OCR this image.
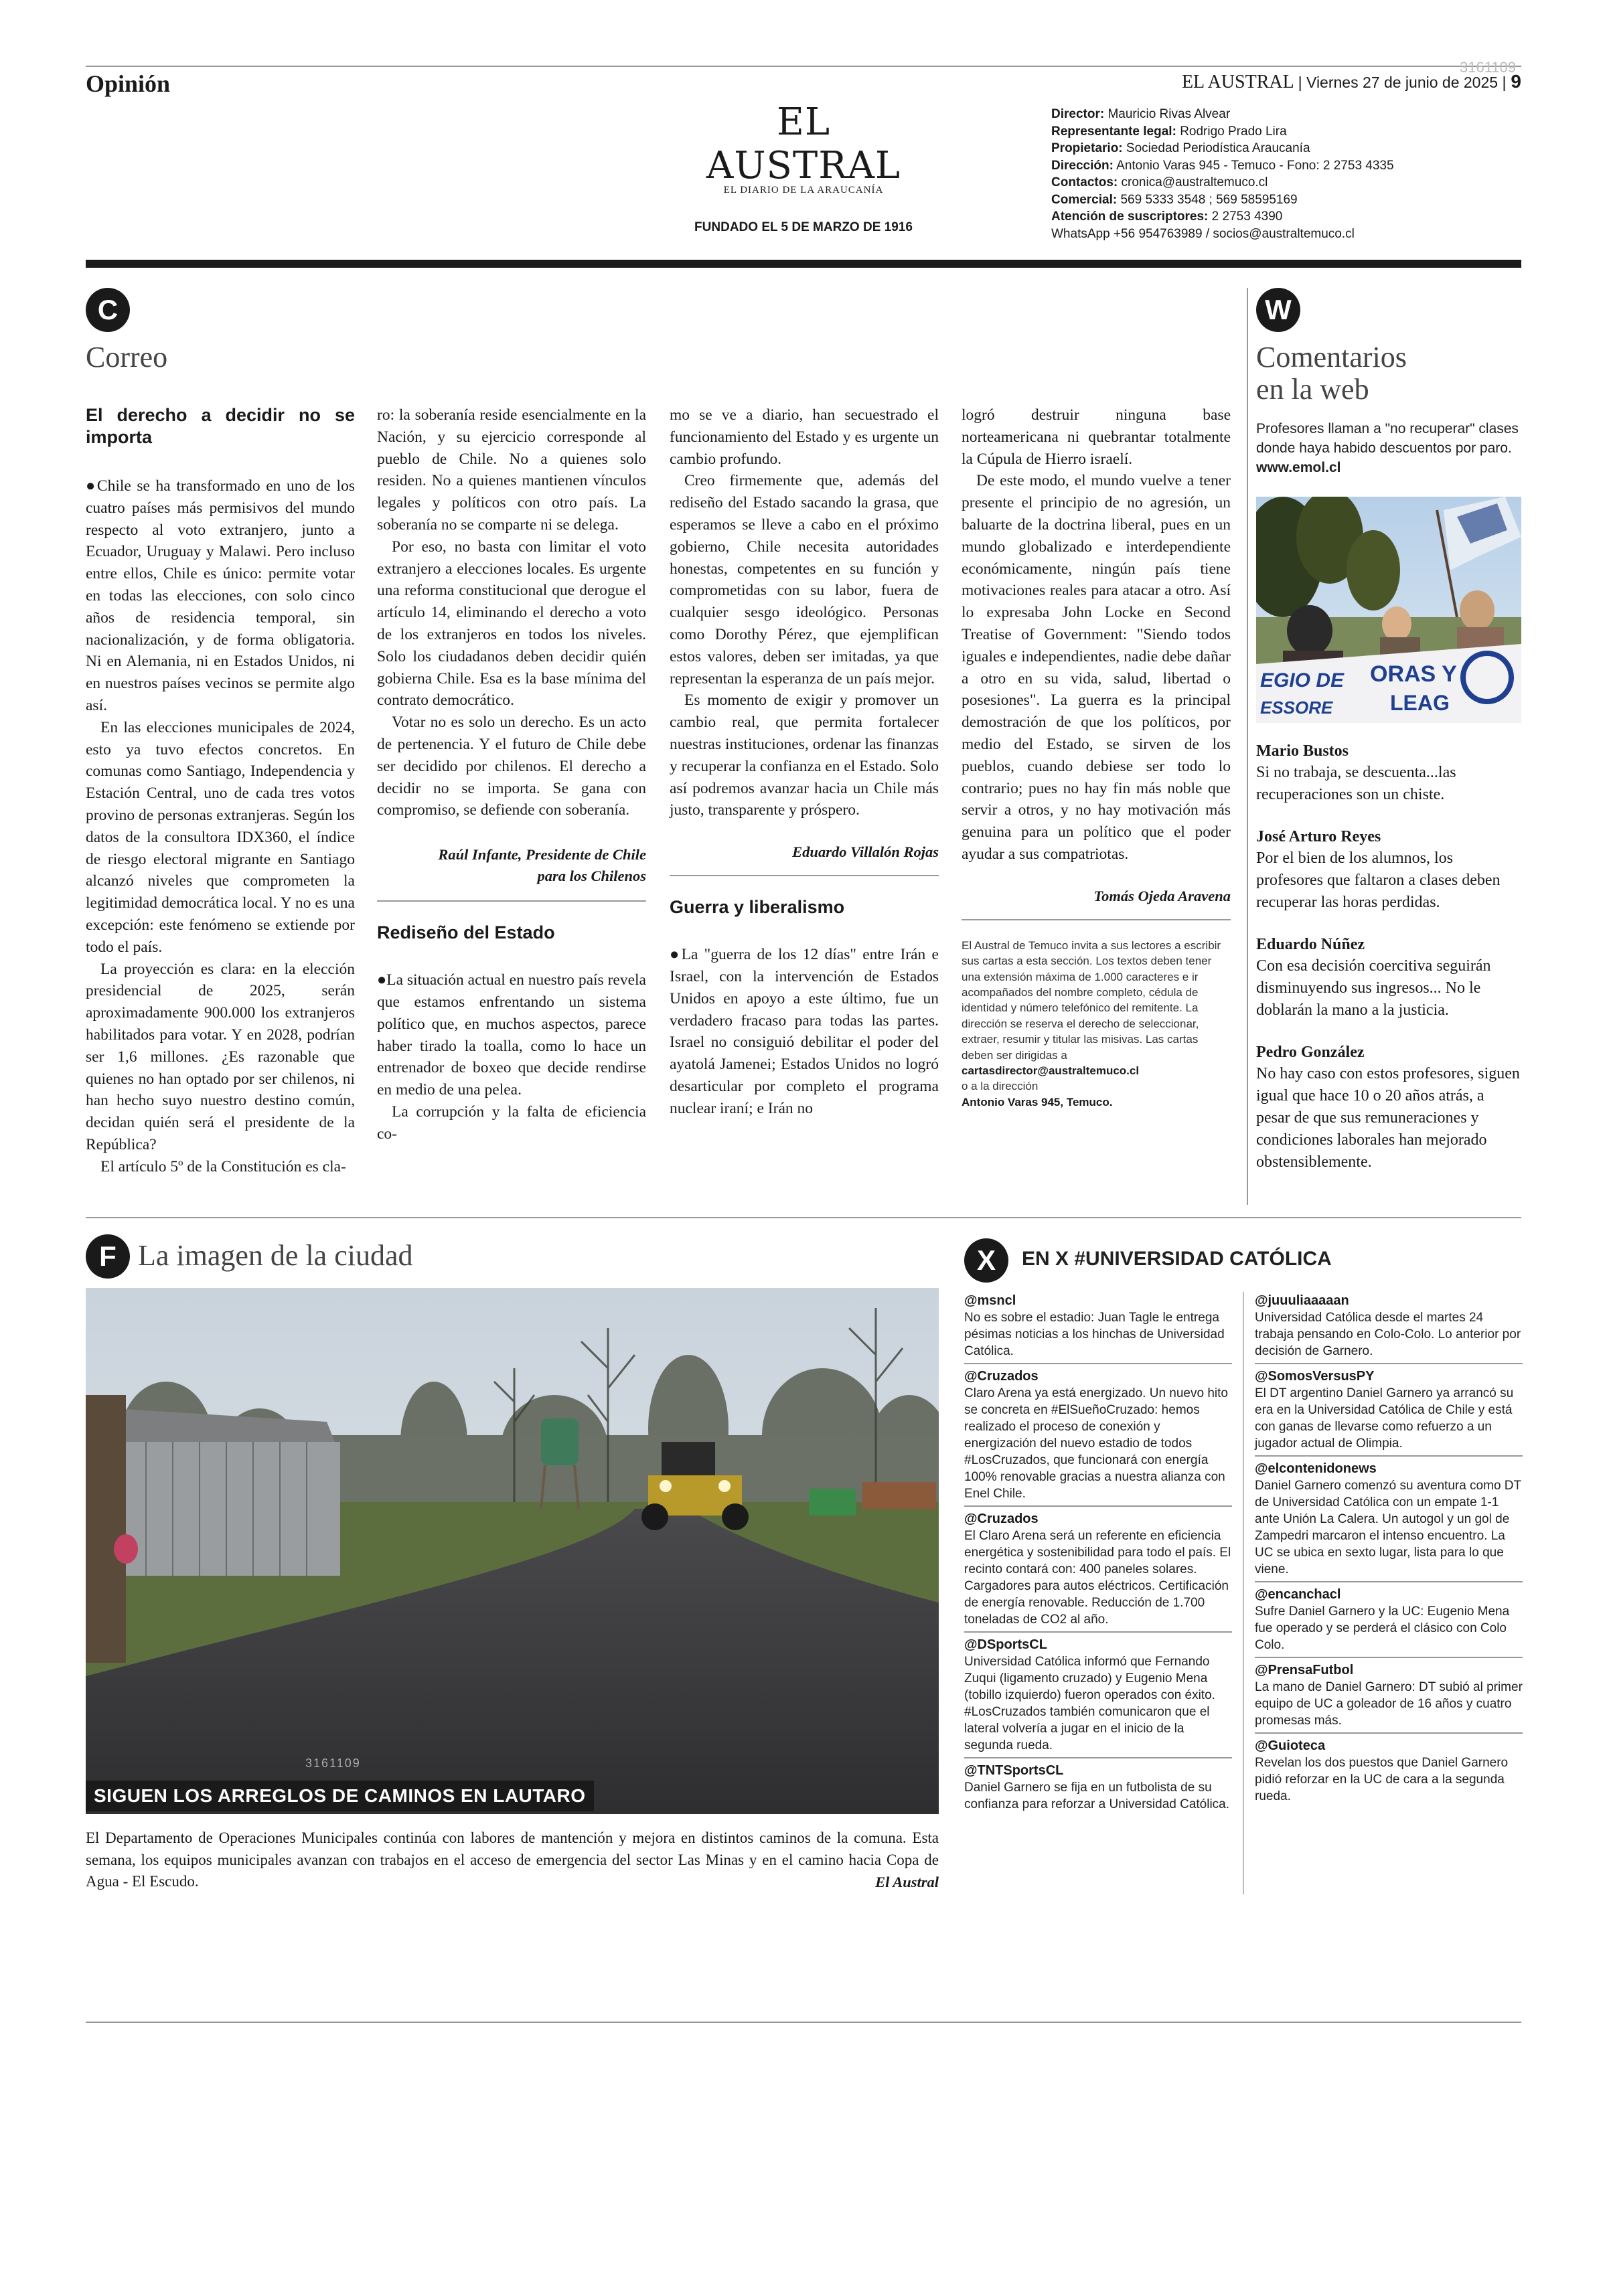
Opinión
3161109
EL AUSTRAL | Viernes 27 de junio de 2025 | 9
EL AUSTRAL
EL DIARIO DE LA ARAUCANÍA
FUNDADO EL 5 DE MARZO DE 1916
Director: Mauricio Rivas Alvear
Representante legal: Rodrigo Prado Lira
Propietario: Sociedad Periodística Araucanía
Dirección: Antonio Varas 945 - Temuco - Fono: 2 2753 4335
Contactos: cronica@australtemuco.cl
Comercial: 569 5333 3548 ; 569 58595169
Atención de suscriptores: 2 2753 4390
WhatsApp +56 954763989 / socios@australtemuco.cl
C
Correo
El derecho a decidir no se importa

●Chile se ha transformado en uno de los cuatro países más permisivos del mundo respecto al voto extranjero, junto a Ecuador, Uruguay y Malawi. Pero incluso entre ellos, Chile es único: permite votar en todas las elecciones, con solo cinco años de residencia temporal, sin nacionalización, y de forma obligatoria. Ni en Alemania, ni en Estados Unidos, ni en nuestros países vecinos se permite algo así.

En las elecciones municipales de 2024, esto ya tuvo efectos concretos. En comunas como Santiago, Independencia y Estación Central, uno de cada tres votos provino de personas extranjeras. Según los datos de la consultora IDX360, el índice de riesgo electoral migrante en Santiago alcanzó niveles que comprometen la legitimidad democrática local. Y no es una excepción: este fenómeno se extiende por todo el país.

La proyección es clara: en la elección presidencial de 2025, serán aproximadamente 900.000 los extranjeros habilitados para votar. Y en 2028, podrían ser 1,6 millones. ¿Es razonable que quienes no han optado por ser chilenos, ni han hecho suyo nuestro destino común, decidan quién será el presidente de la República?

El artículo 5º de la Constitución es cla-

ro: la soberanía reside esencialmente en la Nación, y su ejercicio corresponde al pueblo de Chile. No a quienes solo residen. No a quienes mantienen vínculos legales y políticos con otro país. La soberanía no se comparte ni se delega.

Por eso, no basta con limitar el voto extranjero a elecciones locales. Es urgente una reforma constitucional que derogue el artículo 14, eliminando el derecho a voto de los extranjeros en todos los niveles. Solo los ciudadanos deben decidir quién gobierna Chile. Esa es la base mínima del contrato democrático.

Votar no es solo un derecho. Es un acto de pertenencia. Y el futuro de Chile debe ser decidido por chilenos. El derecho a decidir no se importa. Se gana con compromiso, se defiende con soberanía.

Raúl Infante, Presidente de Chile para los Chilenos
Rediseño del Estado

●La situación actual en nuestro país revela que estamos enfrentando un sistema político que, en muchos aspectos, parece haber tirado la toalla, como lo hace un entrenador de boxeo que decide rendirse en medio de una pelea.

La corrupción y la falta de eficiencia co-

mo se ve a diario, han secuestrado el funcionamiento del Estado y es urgente un cambio profundo.

Creo firmemente que, además del rediseño del Estado sacando la grasa, que esperamos se lleve a cabo en el próximo gobierno, Chile necesita autoridades honestas, competentes en su función y comprometidas con su labor, fuera de cualquier sesgo ideológico. Personas como Dorothy Pérez, que ejemplifican estos valores, deben ser imitadas, ya que representan la esperanza de un país mejor.

Es momento de exigir y promover un cambio real, que permita fortalecer nuestras instituciones, ordenar las finanzas y recuperar la confianza en el Estado. Solo así podremos avanzar hacia un Chile más justo, transparente y próspero.

Eduardo Villalón Rojas
Guerra y liberalismo

●La "guerra de los 12 días" entre Irán e Israel, con la intervención de Estados Unidos en apoyo a este último, fue un verdadero fracaso para todas las partes. Israel no consiguió debilitar el poder del ayatolá Jamenei; Estados Unidos no logró desarticular por completo el programa nuclear iraní; e Irán no

logró destruir ninguna base norteamericana ni quebrantar totalmente la Cúpula de Hierro israelí.

De este modo, el mundo vuelve a tener presente el principio de no agresión, un baluarte de la doctrina liberal, pues en un mundo globalizado e interdependiente económicamente, ningún país tiene motivaciones reales para atacar a otro. Así lo expresaba John Locke en Second Treatise of Government: "Siendo todos iguales e independientes, nadie debe dañar a otro en su vida, salud, libertad o posesiones". La guerra es la principal demostración de que los políticos, por medio del Estado, se sirven de los pueblos, cuando debiese ser todo lo contrario; pues no hay fin más noble que servir a otros, y no hay motivación más genuina para un político que el poder ayudar a sus compatriotas.

Tomás Ojeda Aravena
El Austral de Temuco invita a sus lectores a escribir sus cartas a esta sección. Los textos deben tener una extensión máxima de 1.000 caracteres e ir acompañados del nombre completo, cédula de identidad y número telefónico del remitente. La dirección se reserva el derecho de seleccionar, extraer, resumir y titular las misivas. Las cartas deben ser dirigidas a
cartasdirector@australtemuco.cl
o a la dirección
Antonio Varas 945, Temuco.
W
Comentarios
en la web
Profesores llaman a "no recuperar" clases donde haya habido descuentos por paro. www.emol.cl
EGIO DE ORAS Y
ESSORE	LEAG
Mario Bustos
Si no trabaja, se descuenta...las recuperaciones son un chiste.
José Arturo Reyes
Por el bien de los alumnos, los profesores que faltaron a clases deben recuperar las horas perdidas.
Eduardo Núñez
Con esa decisión coercitiva seguirán disminuyendo sus ingresos... No le doblarán la mano a la justicia.
Pedro González
No hay caso con estos profesores, siguen igual que hace 10 o 20 años atrás, a pesar de que sus remuneraciones y condiciones laborales han mejorado obstensiblemente.
F La imagen de la ciudad
3161109
SIGUEN LOS ARREGLOS DE CAMINOS EN LAUTARO
El Departamento de Operaciones Municipales continúa con labores de mantención y mejora en distintos caminos de la comuna. Esta semana, los equipos municipales avanzan con trabajos en el acceso de emergencia del sector Las Minas y en el camino hacia Copa de Agua - El Escudo.	El Austral
X	EN X #UNIVERSIDAD CATÓLICA
@msncl
No es sobre el estadio: Juan Tagle le entrega pésimas noticias a los hinchas de Universidad Católica.
@Cruzados
Claro Arena ya está energizado. Un nuevo hito se concreta en #ElSueñoCruzado: hemos realizado el proceso de conexión y energización del nuevo estadio de todos #LosCruzados, que funcionará con energía 100% renovable gracias a nuestra alianza con Enel Chile.
@Cruzados
El Claro Arena será un referente en eficiencia energética y sostenibilidad para todo el país. El recinto contará con: 400 paneles solares. Cargadores para autos eléctricos. Certificación de energía renovable. Reducción de 1.700 toneladas de CO2 al año.
@DSportsCL
Universidad Católica informó que Fernando Zuqui (ligamento cruzado) y Eugenio Mena (tobillo izquierdo) fueron operados con éxito. #LosCruzados también comunicaron que el lateral volvería a jugar en el inicio de la segunda rueda.
@TNTSportsCL
Daniel Garnero se fija en un futbolista de su confianza para reforzar a Universidad Católica.
@juuuliaaaaan
Universidad Católica desde el martes 24 trabaja pensando en Colo-Colo. Lo anterior por decisión de Garnero.
@SomosVersusPY
El DT argentino Daniel Garnero ya arrancó su era en la Universidad Católica de Chile y está con ganas de llevarse como refuerzo a un jugador actual de Olimpia.
@elcontenidonews
Daniel Garnero comenzó su aventura como DT de Universidad Católica con un empate 1-1 ante Unión La Calera. Un autogol y un gol de Zampedri marcaron el intenso encuentro. La UC se ubica en sexto lugar, lista para lo que viene.
@encanchacl
Sufre Daniel Garnero y la UC: Eugenio Mena fue operado y se perderá el clásico con Colo Colo.
@PrensaFutbol
La mano de Daniel Garnero: DT subió al primer equipo de UC a goleador de 16 años y cuatro promesas más.
@Guioteca
Revelan los dos puestos que Daniel Garnero pidió reforzar en la UC de cara a la segunda rueda.
